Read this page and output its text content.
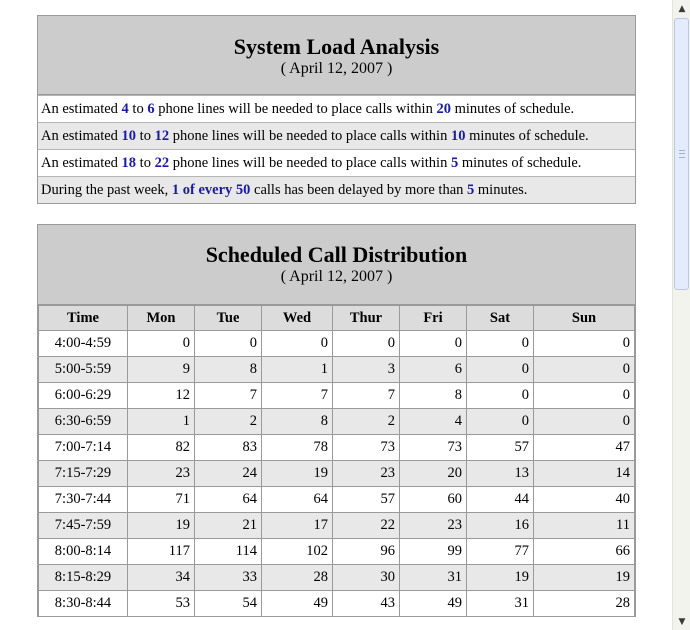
System Load Analysis
( April 12, 2007 )
An estimated 4 to 6 phone lines will be needed to place calls within 20 minutes of schedule.
An estimated 10 to 12 phone lines will be needed to place calls within 10 minutes of schedule.
An estimated 18 to 22 phone lines will be needed to place calls within 5 minutes of schedule.
During the past week, 1 of every 50 calls has been delayed by more than 5 minutes.
Scheduled Call Distribution
( April 12, 2007 )
Time	Mon	Tue	Wed	Thur	Fri	Sat	Sun
4:00-4:59	0	0	0	0	0	0	0
5:00-5:59	9	8	1	3	6	0	0
6:00-6:29	12	7	7	7	8	0	0
6:30-6:59	1	2	8	2	4	0	0
7:00-7:14	82	83	78	73	73	57	47
7:15-7:29	23	24	19	23	20	13	14
7:30-7:44	71	64	64	57	60	44	40
7:45-7:59	19	21	17	22	23	16	11
8:00-8:14	117	114	102	96	99	77	66
8:15-8:29	34	33	28	30	31	19	19
8:30-8:44	53	54	49	43	49	31	28
▲
▼
